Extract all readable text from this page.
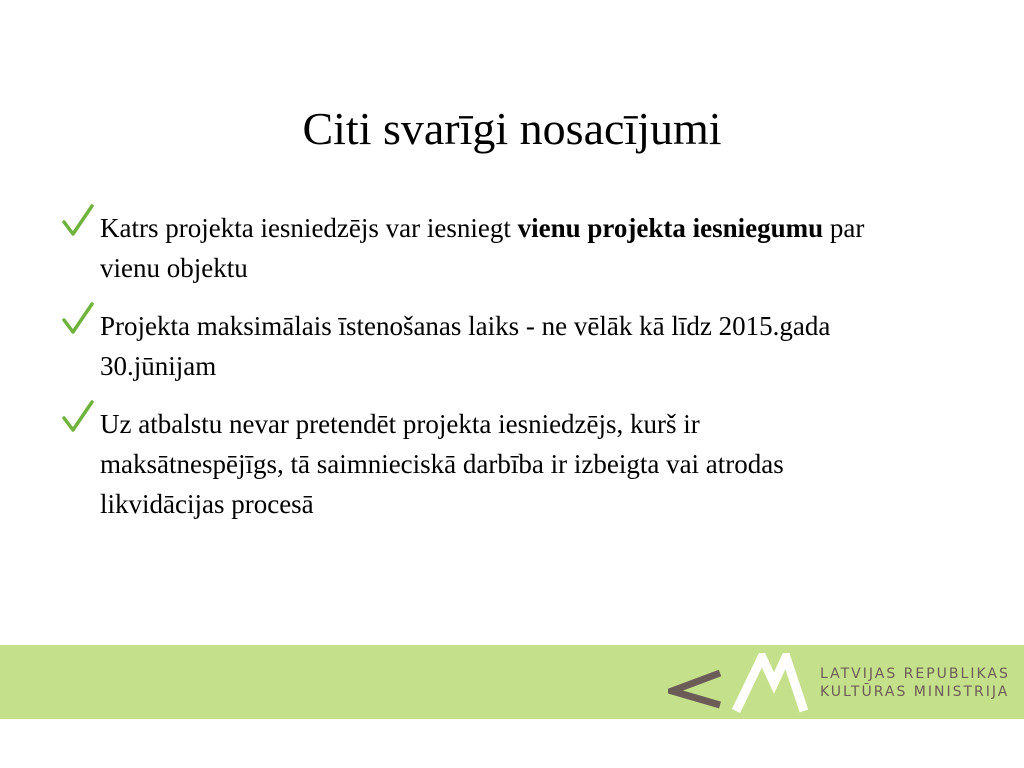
Citi svarīgi nosacījumi
Katrs projekta iesniedzējs var iesniegt vienu projekta iesniegumu par vienu objektu
Projekta maksimālais īstenošanas laiks - ne vēlāk kā līdz 2015.gada 30.jūnijam
Uz atbalstu nevar pretendēt projekta iesniedzējs, kurš ir maksātnespējīgs, tā saimnieciskā darbība ir izbeigta vai atrodas likvidācijas procesā
LATVIJAS REPUBLIKAS
KULTŪRAS MINISTRIJA
